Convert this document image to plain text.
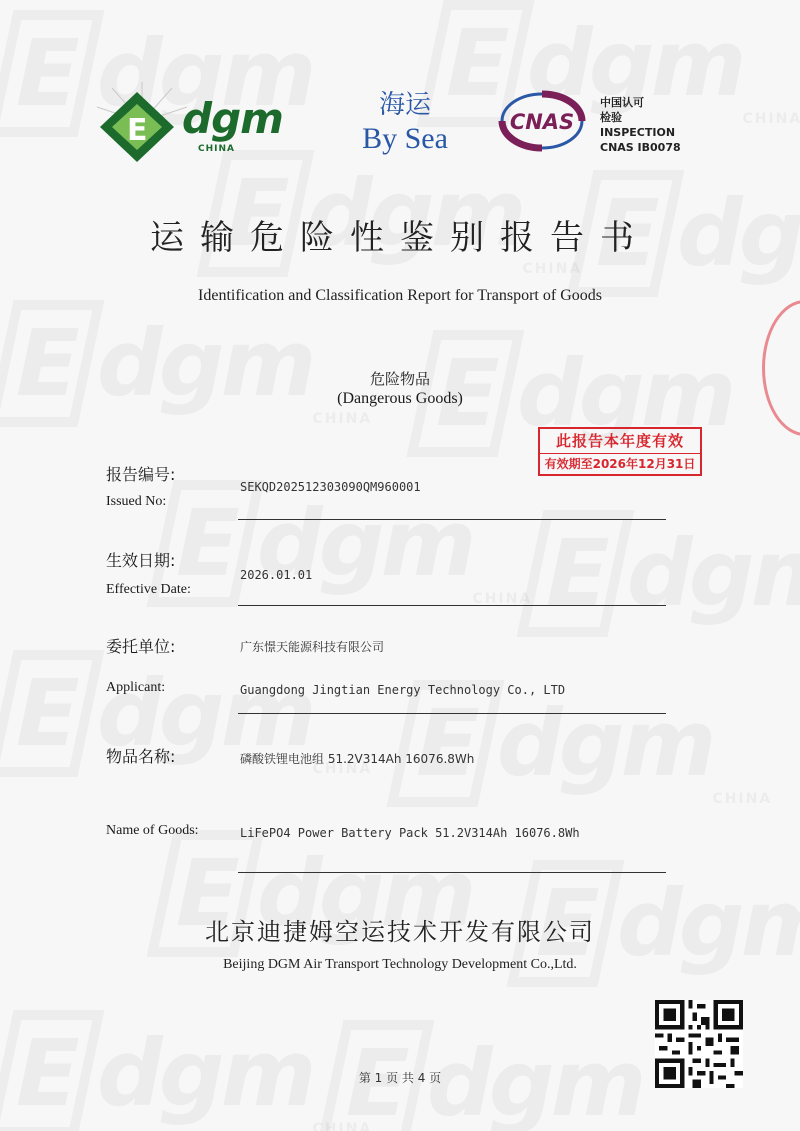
E dgm
CHINA
海运
By Sea	CNAS
中国认可
检验
INSPECTION
CNAS IB0078
运输危险性鉴别报告书
Identification and Classification Report for Transport of Goods
危险物品
(Dangerous Goods)
此报告本年度有效
有效期至2026年12月31日
报告编号:
Issued No:
SEKQD202512303090QM960001
生效日期:
Effective Date:
2026.01.01
委托单位:	广东憬天能源科技有限公司
Applicant:	Guangdong Jingtian Energy Technology Co., LTD
物品名称:	磷酸铁锂电池组 51.2V314Ah 16076.8Wh
Name of Goods:	LiFePO4 Power Battery Pack 51.2V314Ah 16076.8Wh
北京迪捷姆空运技术开发有限公司
Beijing DGM Air Transport Technology Development Co.,Ltd.
第 1 页 共 4 页
